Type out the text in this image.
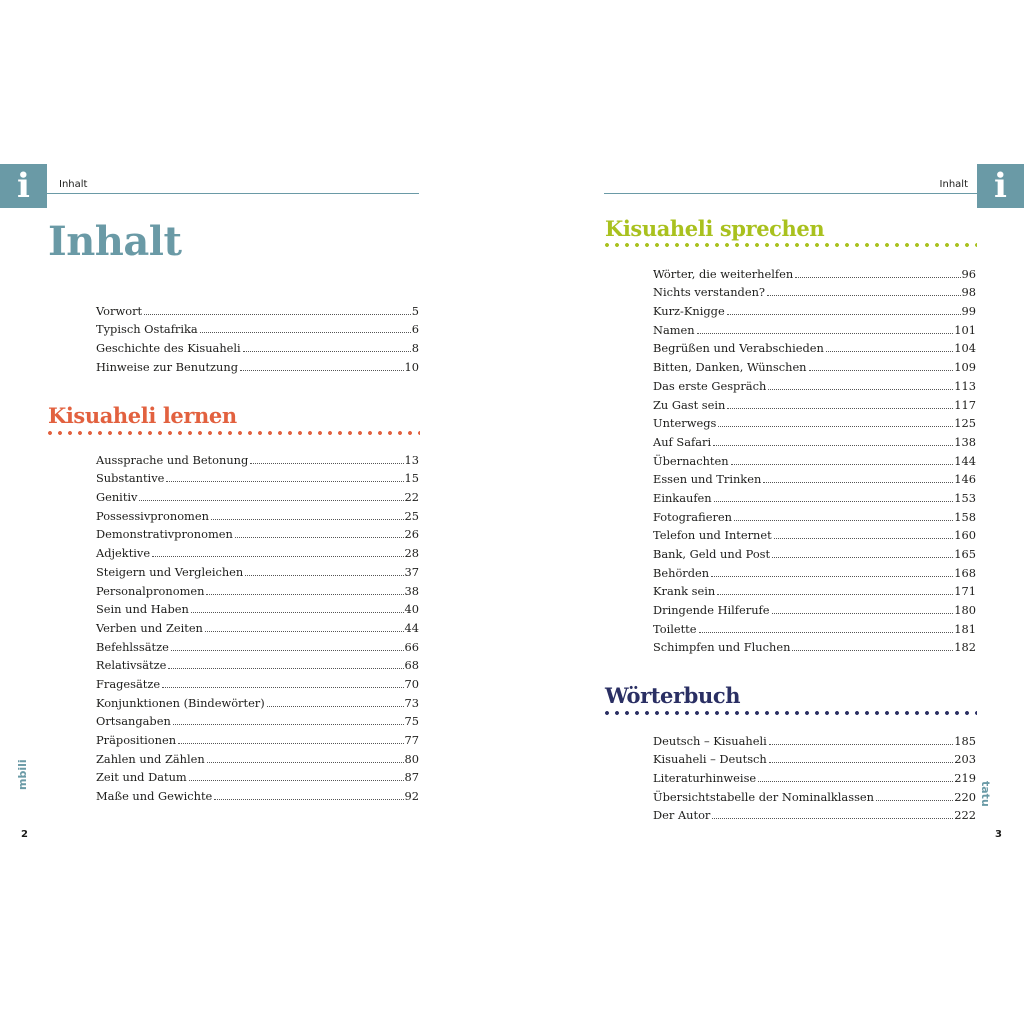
i	Inhalt
Inhalt
Vorwort	5
Typisch Ostafrika	6
Geschichte des Kisuaheli	8
Hinweise zur Benutzung	10
Kisuaheli lernen
Aussprache und Betonung	13
Substantive	15
Genitiv	22
Possessivpronomen	25
Demonstrativpronomen	26
Adjektive	28
Steigern und Vergleichen	37
Personalpronomen	38
Sein und Haben	40
Verben und Zeiten	44
Befehlssätze	66
Relativsätze	68
Fragesätze	70
Konjunktionen (Bindewörter)	73
Ortsangaben	75
Präpositionen	77
Zahlen und Zählen	80
Zeit und Datum	87
Maße und Gewichte	92
mbili
2
i
Inhalt
Kisuaheli sprechen
Wörter, die weiterhelfen	96
Nichts verstanden?	98
Kurz-Knigge	99
Namen	101
Begrüßen und Verabschieden	104
Bitten, Danken, Wünschen	109
Das erste Gespräch	113
Zu Gast sein	117
Unterwegs	125
Auf Safari	138
Übernachten	144
Essen und Trinken	146
Einkaufen	153
Fotografieren	158
Telefon und Internet	160
Bank, Geld und Post	165
Behörden	168
Krank sein	171
Dringende Hilferufe	180
Toilette	181
Schimpfen und Fluchen	182
Wörterbuch
Deutsch – Kisuaheli	185
Kisuaheli – Deutsch	203
Literaturhinweise	219
Übersichtstabelle der Nominalklassen	220
Der Autor	222
tatu
3
